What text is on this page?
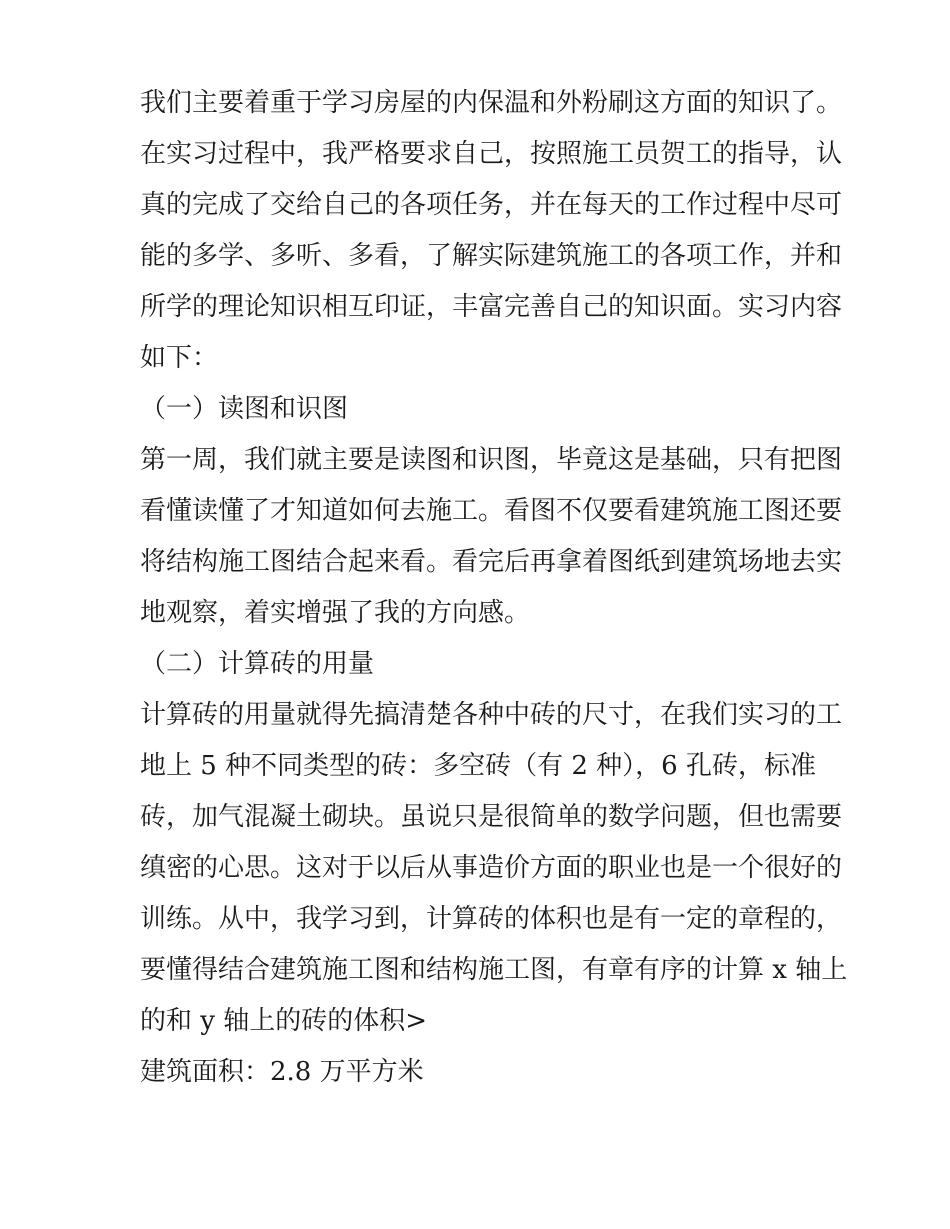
我们主要着重于学习房屋的内保温和外粉刷这方面的知识了。
在实习过程中，我严格要求自己，按照施工员贺工的指导，认
真的完成了交给自己的各项任务，并在每天的工作过程中尽可
能的多学、多听、多看，了解实际建筑施工的各项工作，并和
所学的理论知识相互印证，丰富完善自己的知识面。实习内容
如下：
（一）读图和识图
第一周，我们就主要是读图和识图，毕竟这是基础，只有把图
看懂读懂了才知道如何去施工。看图不仅要看建筑施工图还要
将结构施工图结合起来看。看完后再拿着图纸到建筑场地去实
地观察，着实增强了我的方向感。
（二）计算砖的用量
计算砖的用量就得先搞清楚各种中砖的尺寸，在我们实习的工
地上 5 种不同类型的砖：多空砖（有 2 种），6 孔砖，标准
砖，加气混凝土砌块。虽说只是很简单的数学问题，但也需要
缜密的心思。这对于以后从事造价方面的职业也是一个很好的
训练。从中，我学习到，计算砖的体积也是有一定的章程的，
要懂得结合建筑施工图和结构施工图，有章有序的计算 x 轴上
的和 y 轴上的砖的体积>
建筑面积：2.8 万平方米
